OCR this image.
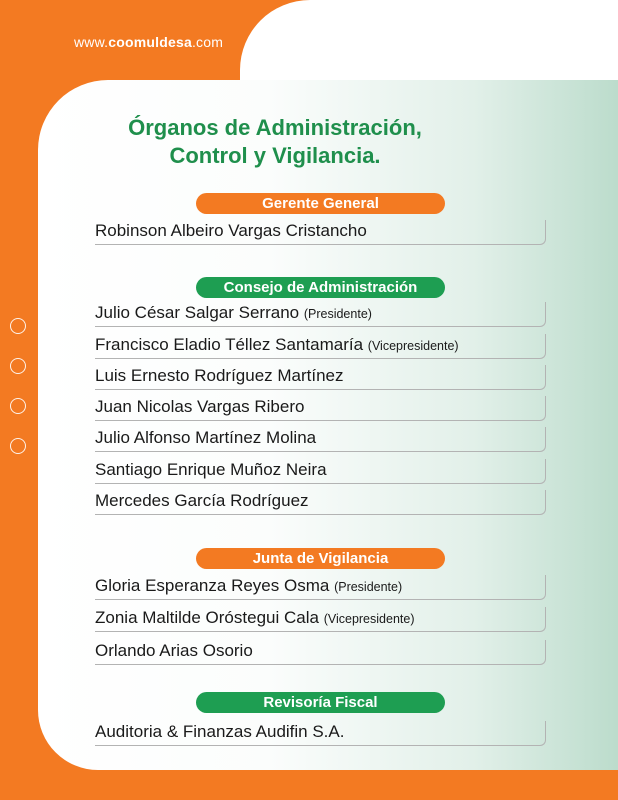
www.coomuldesa.com
Órganos de Administración,
Control y Vigilancia.
Gerente General
Robinson Albeiro Vargas Cristancho
Consejo de Administración
Julio César Salgar Serrano (Presidente)
Francisco Eladio Téllez Santamaría (Vicepresidente)
Luis Ernesto Rodríguez Martínez
Juan Nicolas Vargas Ribero
Julio Alfonso Martínez Molina
Santiago Enrique Muñoz Neira
Mercedes García Rodríguez
Junta de Vigilancia
Gloria Esperanza Reyes Osma (Presidente)
Zonia Maltilde Oróstegui Cala (Vicepresidente)
Orlando Arias Osorio
Revisoría Fiscal
Auditoria & Finanzas Audifin S.A.
